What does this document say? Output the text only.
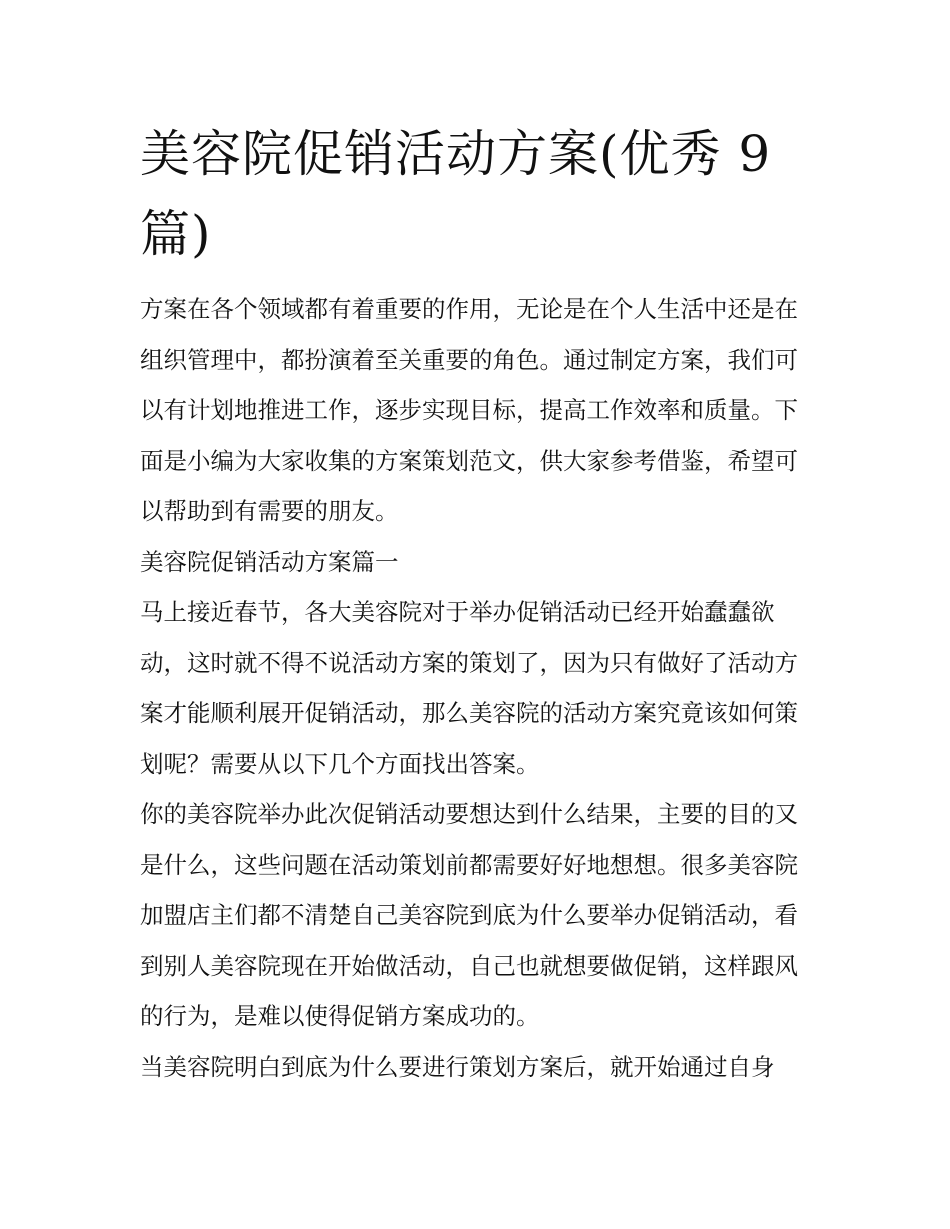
美容院促销活动方案(优秀 9 篇)

方案在各个领域都有着重要的作用，无论是在个人生活中还是在组织管理中，都扮演着至关重要的角色。通过制定方案，我们可以有计划地推进工作，逐步实现目标，提高工作效率和质量。下面是小编为大家收集的方案策划范文，供大家参考借鉴，希望可以帮助到有需要的朋友。

美容院促销活动方案篇一

马上接近春节，各大美容院对于举办促销活动已经开始蠢蠢欲动，这时就不得不说活动方案的策划了，因为只有做好了活动方案才能顺利展开促销活动，那么美容院的活动方案究竟该如何策划呢？需要从以下几个方面找出答案。

你的美容院举办此次促销活动要想达到什么结果，主要的目的又是什么，这些问题在活动策划前都需要好好地想想。很多美容院加盟店主们都不清楚自己美容院到底为什么要举办促销活动，看到别人美容院现在开始做活动，自己也就想要做促销，这样跟风的行为，是难以使得促销方案成功的。

当美容院明白到底为什么要进行策划方案后，就开始通过自身
